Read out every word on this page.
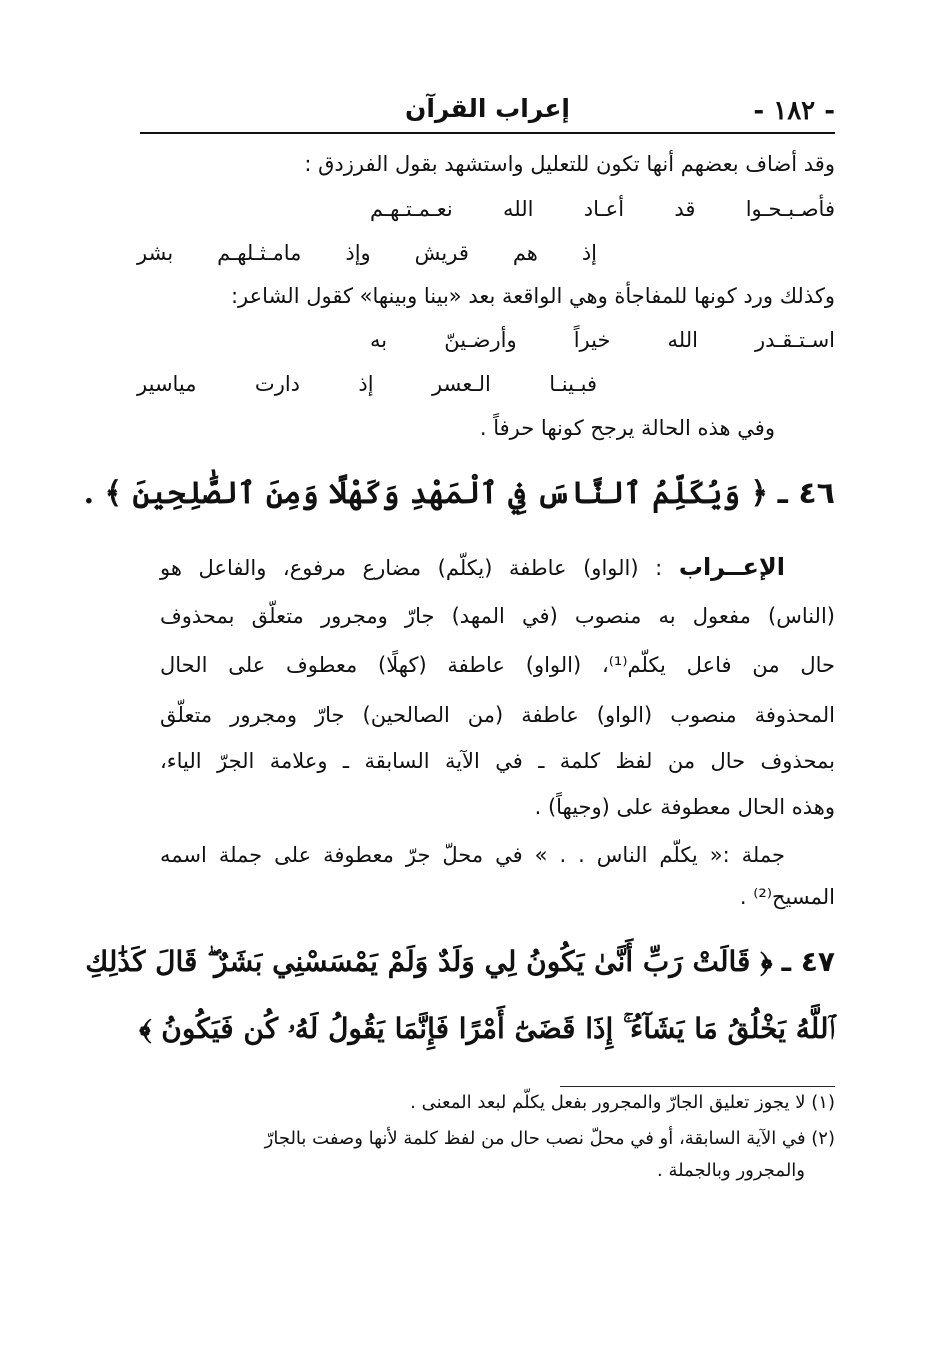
- ١٨٢ -
إعراب القرآن
وقد أضاف بعضهم أنها تكون للتعليل واستشهد بقول الفرزدق :
فأصـبـحـوا
قد
أعـاد
الله
نعـمـتـهـم
إذ
هم
قريش
وإذ
مامـثـلهـم
بشر
وكذلك ورد كونها للمفاجأة وهي الواقعة بعد «بينا وبينها» كقول الشاعر:
اسـتـقـدر
الله
خيراً
وأرضـينّ
به
فبـينـا
الـعسر
إذ
دارت
مياسير
وفي هذه الحالة يرجح كونها حرفاً .
٤٦ ـ ﴿ وَيُكَلِّمُ ٱلنَّاسَ فِي ٱلْمَهْدِ وَكَهْلًا وَمِنَ ٱلصَّٰلِحِينَ ﴾ .
الإعــراب : (الواو) عاطفة (يكلّم) مضارع مرفوع، والفاعل هو
(الناس) مفعول به منصوب (في المهد) جارّ ومجرور متعلّق بمحذوف
حال من فاعل يكلّم⁽¹⁾، (الواو) عاطفة (كهلًا) معطوف على الحال
المحذوفة منصوب (الواو) عاطفة (من الصالحين) جارّ ومجرور متعلّق
بمحذوف حال من لفظ كلمة ـ في الآية السابقة ـ وعلامة الجرّ الياء،
وهذه الحال معطوفة على (وجيهاً) .
جملة :« يكلّم الناس . . » في محلّ جرّ معطوفة على جملة اسمه
المسيح⁽²⁾ .
٤٧ ـ ﴿ قَالَتْ رَبِّ أَنَّىٰ يَكُونُ لِي وَلَدٌ وَلَمْ يَمْسَسْنِي بَشَرٌ ۖ قَالَ كَذَٰلِكِ
ٱللَّهُ يَخْلُقُ مَا يَشَآءُ ۚ إِذَا قَضَىٰٓ أَمْرًا فَإِنَّمَا يَقُولُ لَهُۥ كُن فَيَكُونُ ﴾
(١) لا يجوز تعليق الجارّ والمجرور بفعل يكلّم لبعد المعنى .
(٢) في الآية السابقة، أو في محلّ نصب حال من لفظ كلمة لأنها وصفت بالجارّ
والمجرور وبالجملة .
